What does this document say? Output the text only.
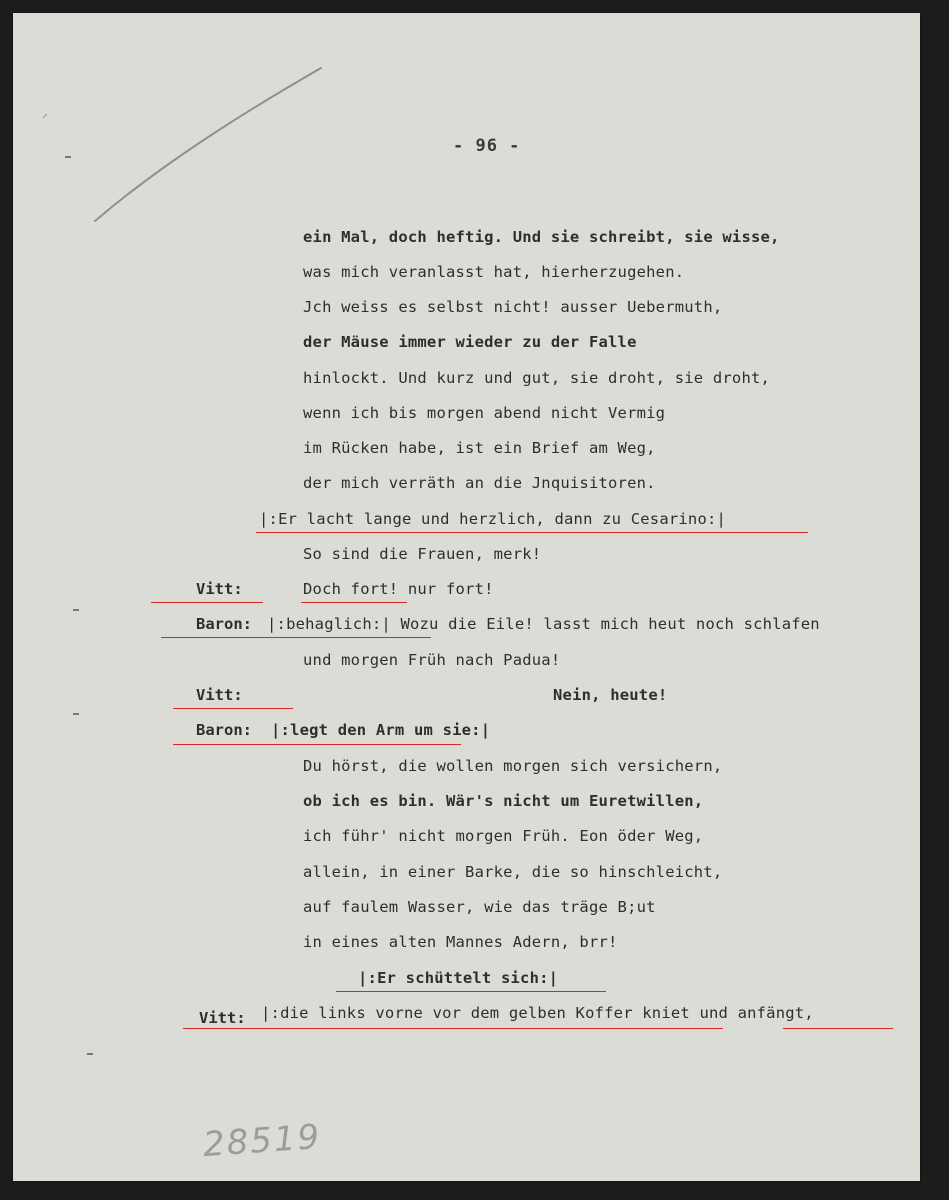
- 96 -
ein Mal, doch heftig. Und sie schreibt, sie wisse,
was mich veranlasst hat, hierherzugehen.
Jch weiss es selbst nicht! ausser Uebermuth,
der Mäuse immer wieder zu der Falle
hinlockt. Und kurz und gut, sie droht, sie droht,
wenn ich bis morgen abend nicht Vermig
im Rücken habe, ist ein Brief am Weg,
der mich verräth an die Jnquisitoren.
|:Er lacht lange und herzlich, dann zu Cesarino:|
So sind die Frauen, merk!
Vitt:	Doch fort! nur fort!
Baron: |:behaglich:| Wozu die Eile! lasst mich heut noch schlafen
und morgen Früh nach Padua!
Vitt:	Nein, heute!
Baron: |:legt den Arm um sie:|
Du hörst, die wollen morgen sich versichern,
ob ich es bin. Wär's nicht um Euretwillen,
ich führ' nicht morgen Früh. Eon öder Weg,
allein, in einer Barke, die so hinschleicht,
auf faulem Wasser, wie das träge B;ut
in eines alten Mannes Adern, brr!
|:Er schüttelt sich:|
Vitt: |:die links vorne vor dem gelben Koffer kniet und anfängt,
28519
